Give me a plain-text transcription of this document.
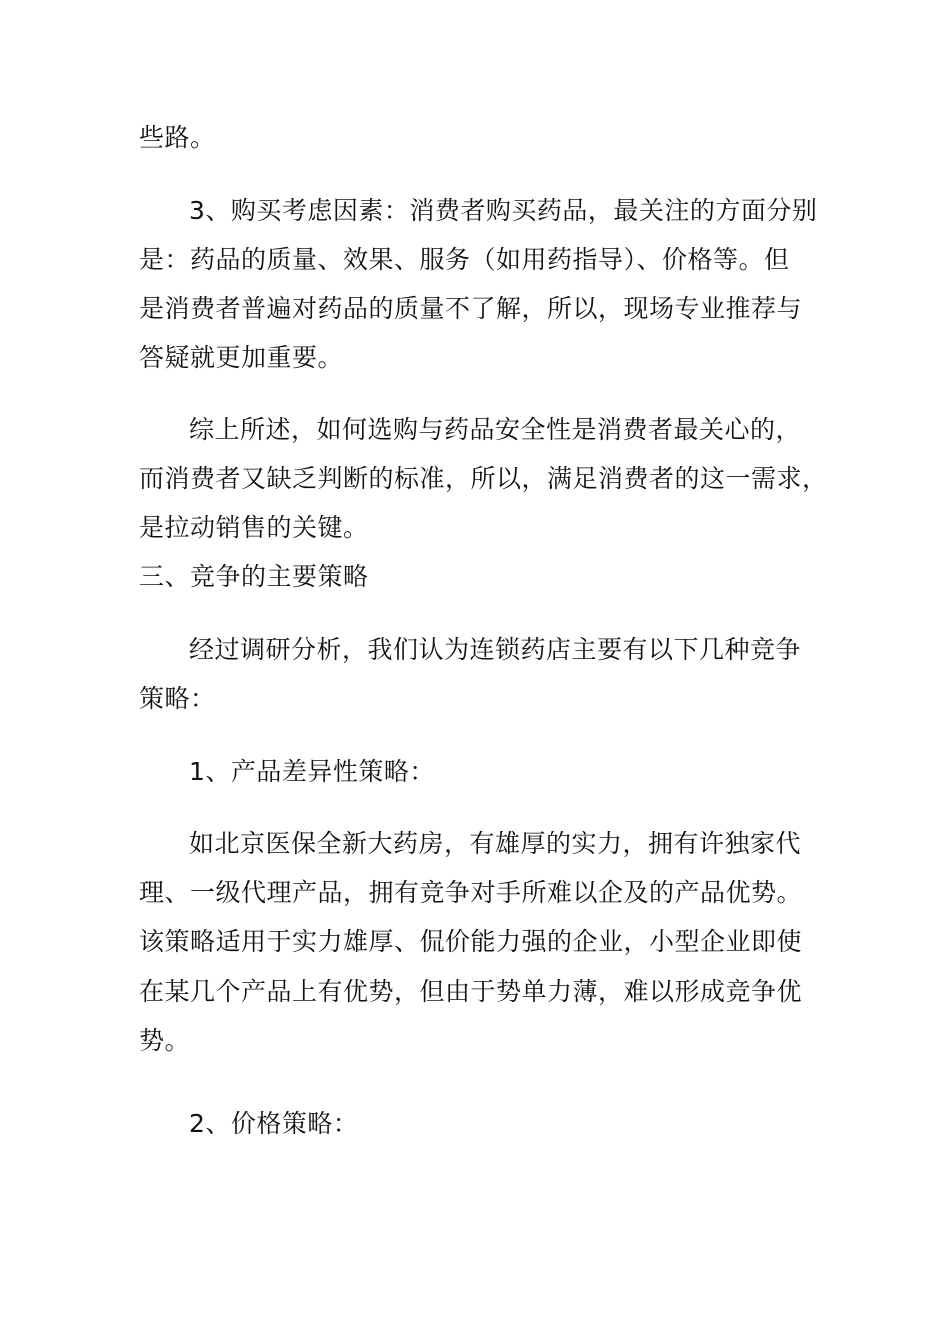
些路。
3、购买考虑因素：消费者购买药品，最关注的方面分别
是：药品的质量、效果、服务（如用药指导）、价格等。但
是消费者普遍对药品的质量不了解，所以，现场专业推荐与
答疑就更加重要。
综上所述，如何选购与药品安全性是消费者最关心的，
而消费者又缺乏判断的标准，所以，满足消费者的这一需求，
是拉动销售的关键。
三、竞争的主要策略
经过调研分析，我们认为连锁药店主要有以下几种竞争
策略：
1、产品差异性策略：
如北京医保全新大药房，有雄厚的实力，拥有许独家代
理、一级代理产品，拥有竞争对手所难以企及的产品优势。
该策略适用于实力雄厚、侃价能力强的企业，小型企业即使
在某几个产品上有优势，但由于势单力薄，难以形成竞争优
势。
2、价格策略：
